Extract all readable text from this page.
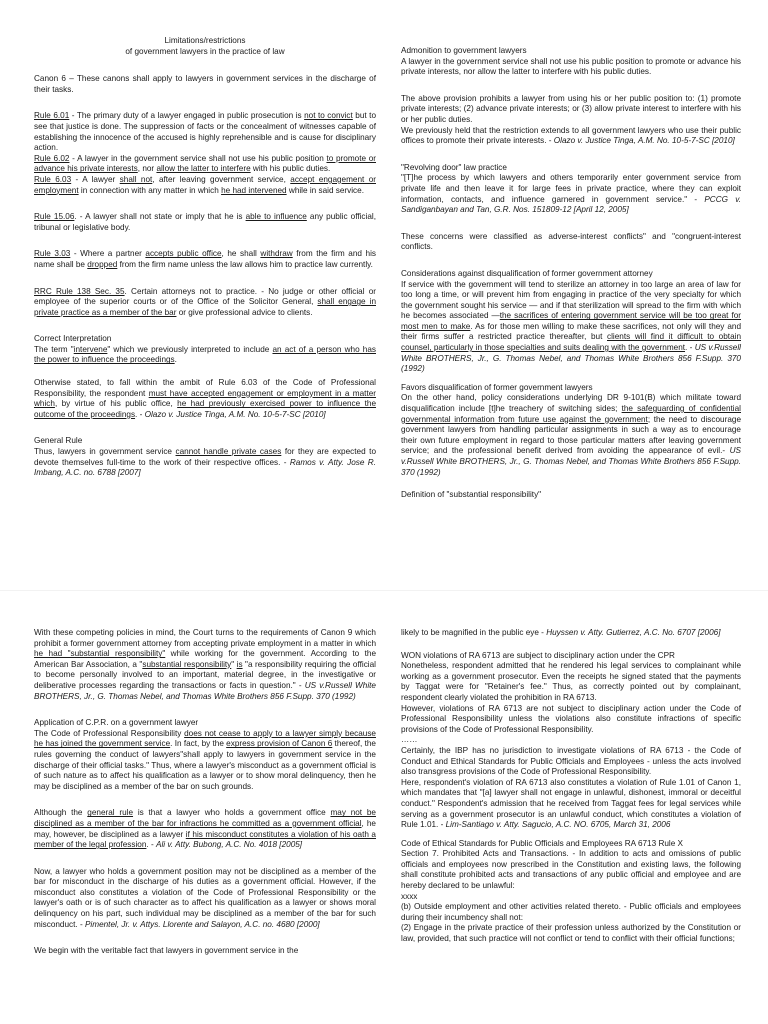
Limitations/restrictions

of government lawyers in the practice of law

Canon 6 – These canons shall apply to lawyers in government services in the discharge of their tasks.

Rule 6.01 - The primary duty of a lawyer engaged in public prosecution is not to convict but to see that justice is done. The suppression of facts or the concealment of witnesses capable of establishing the innocence of the accused is highly reprehensible and is cause for disciplinary action.

Rule 6.02 - A lawyer in the government service shall not use his public position to promote or advance his private interests, nor allow the latter to interfere with his public duties.

Rule 6.03 - A lawyer shall not, after leaving government service, accept engagement or employment in connection with any matter in which he had intervened while in said service.

Rule 15.06. - A lawyer shall not state or imply that he is able to influence any public official, tribunal or legislative body.

Rule 3.03 - Where a partner accepts public office, he shall withdraw from the firm and his name shall be dropped from the firm name unless the law allows him to practice law currently.

RRC Rule 138 Sec. 35. Certain attorneys not to practice. - No judge or other official or employee of the superior courts or of the Office of the Solicitor General, shall engage in private practice as a member of the bar or give professional advice to clients.

Correct Interpretation

The term "intervene" which we previously interpreted to include an act of a person who has the power to influence the proceedings.

Otherwise stated, to fall within the ambit of Rule 6.03 of the Code of Professional Responsibility, the respondent must have accepted engagement or employment in a matter which, by virtue of his public office, he had previously exercised power to influence the outcome of the proceedings. - Olazo v. Justice Tinga, A.M. No. 10-5-7-SC [2010]

General Rule

Thus, lawyers in government service cannot handle private cases for they are expected to devote themselves full-time to the work of their respective offices. - Ramos v. Atty. Jose R. Imbang, A.C. no. 6788 [2007]

Admonition to government lawyers

A lawyer in the government service shall not use his public position to promote or advance his private interests, nor allow the latter to interfere with his public duties.

The above provision prohibits a lawyer from using his or her public position to: (1) promote private interests; (2) advance private interests; or (3) allow private interest to interfere with his or her public duties.

We previously held that the restriction extends to all government lawyers who use their public offices to promote their private interests. - Olazo v. Justice Tinga, A.M. No. 10-5-7-SC [2010]

"Revolving door" law practice

"[T]he process by which lawyers and others temporarily enter government service from private life and then leave it for large fees in private practice, where they can exploit information, contacts, and influence garnered in government service." - PCCG v. Sandiganbayan and Tan, G.R. Nos. 151809-12 [April 12, 2005]

These concerns were classified as adverse-interest conflicts" and "congruent-interest conflicts.

Considerations against disqualification of former government attorney

If service with the government will tend to sterilize an attorney in too large an area of law for too long a time, or will prevent him from engaging in practice of the very specialty for which the government sought his service — and if that sterilization will spread to the firm with which he becomes associated —the sacrifices of entering government service will be too great for most men to make. As for those men willing to make these sacrifices, not only will they and their firms suffer a restricted practice thereafter, but clients will find it difficult to obtain counsel, particularly in those specialties and suits dealing with the government. - US v.Russell White BROTHERS, Jr., G. Thomas Nebel, and Thomas White Brothers 856 F.Supp. 370 (1992)

Favors disqualification of former government lawyers

On the other hand, policy considerations underlying DR 9-101(B) which militate toward disqualification include [t]he treachery of switching sides; the safeguarding of confidential governmental information from future use against the government; the need to discourage government lawyers from handling particular assignments in such a way as to encourage their own future employment in regard to those particular matters after leaving government service; and the professional benefit derived from avoiding the appearance of evil.- US v.Russell White BROTHERS, Jr., G. Thomas Nebel, and Thomas White Brothers 856 F.Supp. 370 (1992)

Definition of "substantial responsibility"

With these competing policies in mind, the Court turns to the requirements of Canon 9 which prohibit a former government attorney from accepting private employment in a matter in which he had "substantial responsibility" while working for the government. According to the American Bar Association, a "substantial responsibility" is "a responsibility requiring the official to become personally involved to an important, material degree, in the investigative or deliberative processes regarding the transactions or facts in question." - US v.Russell White BROTHERS, Jr., G. Thomas Nebel, and Thomas White Brothers 856 F.Supp. 370 (1992)

Application of C.P.R. on a government lawyer

The Code of Professional Responsibility does not cease to apply to a lawyer simply because he has joined the government service. In fact, by the express provision of Canon 6 thereof, the rules governing the conduct of lawyers"shall apply to lawyers in government service in the discharge of their official tasks." Thus, where a lawyer's misconduct as a government official is of such nature as to affect his qualification as a lawyer or to show moral delinquency, then he may be disciplined as a member of the bar on such grounds.

Although the general rule is that a lawyer who holds a government office may not be disciplined as a member of the bar for infractions he committed as a government official, he may, however, be disciplined as a lawyer if his misconduct constitutes a violation of his oath a member of the legal profession. - Ali v. Atty. Bubong, A.C. No. 4018 [2005]

Now, a lawyer who holds a government position may not be disciplined as a member of the bar for misconduct in the discharge of his duties as a government official. However, if the misconduct also constitutes a violation of the Code of Professional Responsibility or the lawyer's oath or is of such character as to affect his qualification as a lawyer or shows moral delinquency on his part, such individual may be disciplined as a member of the bar for such misconduct. - Pimentel, Jr. v. Attys. Llorente and Salayon, A.C. no. 4680 [2000]

We begin with the veritable fact that lawyers in government service in the

likely to be magnified in the public eye - Huyssen v. Atty. Gutierrez, A.C. No. 6707 [2006]

WON violations of RA 6713 are subject to disciplinary action under the CPR

Nonetheless, respondent admitted that he rendered his legal services to complainant while working as a government prosecutor. Even the receipts he signed stated that the payments by Taggat were for "Retainer's fee." Thus, as correctly pointed out by complainant, respondent clearly violated the prohibition in RA 6713.

However, violations of RA 6713 are not subject to disciplinary action under the Code of Professional Responsibility unless the violations also constitute infractions of specific provisions of the Code of Professional Responsibility.

……

Certainly, the IBP has no jurisdiction to investigate violations of RA 6713 - the Code of Conduct and Ethical Standards for Public Officials and Employees - unless the acts involved also transgress provisions of the Code of Professional Responsibility.

Here, respondent's violation of RA 6713 also constitutes a violation of Rule 1.01 of Canon 1, which mandates that "[a] lawyer shall not engage in unlawful, dishonest, immoral or deceitful conduct." Respondent's admission that he received from Taggat fees for legal services while serving as a government prosecutor is an unlawful conduct, which constitutes a violation of Rule 1.01. - Lim-Santiago v. Atty. Sagucio, A.C. NO. 6705, March 31, 2006

Code of Ethical Standards for Public Officials and Employees RA 6713 Rule X

Section 7. Prohibited Acts and Transactions. - In addition to acts and omissions of public officials and employees now prescribed in the Constitution and existing laws, the following shall constitute prohibited acts and transactions of any public official and employee and are hereby declared to be unlawful:

xxxx

(b) Outside employment and other activities related thereto. - Public officials and employees during their incumbency shall not:

(2) Engage in the private practice of their profession unless authorized by the Constitution or law, provided, that such practice will not conflict or tend to conflict with their official functions;
